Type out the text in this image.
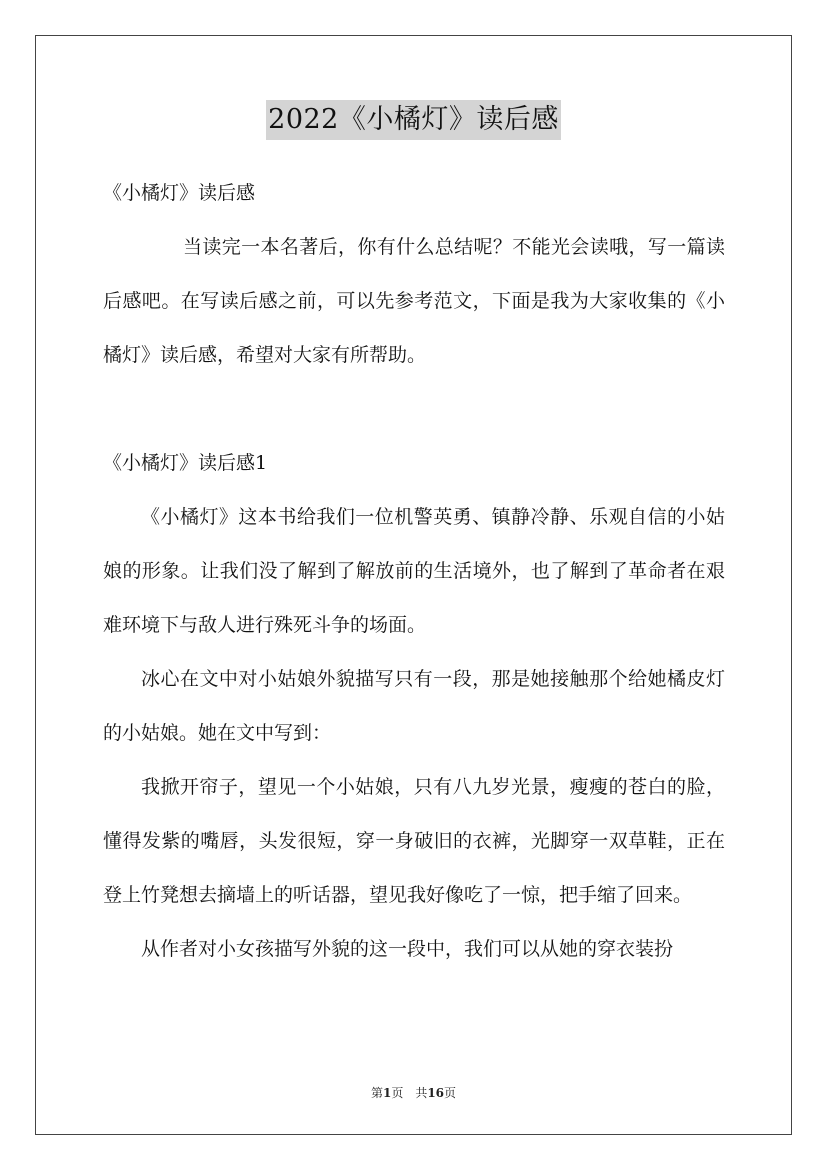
2022《小橘灯》读后感

《小橘灯》读后感

当读完一本名著后，你有什么总结呢？不能光会读哦，写一篇读后感吧。在写读后感之前，可以先参考范文，下面是我为大家收集的《小橘灯》读后感，希望对大家有所帮助。

《小橘灯》读后感1

《小橘灯》这本书给我们一位机警英勇、镇静冷静、乐观自信的小姑娘的形象。让我们没了解到了解放前的生活境外，也了解到了革命者在艰难环境下与敌人进行殊死斗争的场面。

冰心在文中对小姑娘外貌描写只有一段，那是她接触那个给她橘皮灯的小姑娘。她在文中写到：

我掀开帘子，望见一个小姑娘，只有八九岁光景，瘦瘦的苍白的脸，懂得发紫的嘴唇，头发很短，穿一身破旧的衣裤，光脚穿一双草鞋，正在登上竹凳想去摘墙上的听话器，望见我好像吃了一惊，把手缩了回来。

从作者对小女孩描写外貌的这一段中，我们可以从她的穿衣装扮

第1页　共16页
